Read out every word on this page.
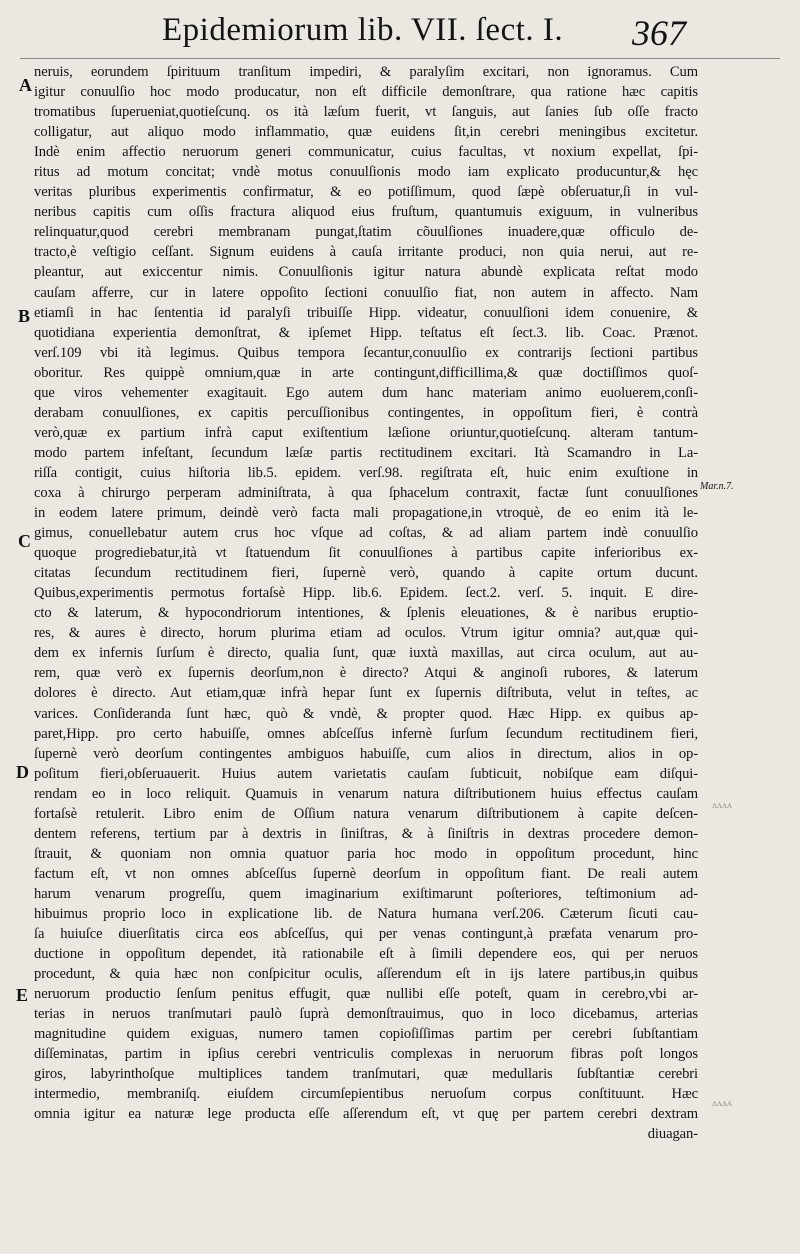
Epidemiorum lib. VII. ſect. I. 367
A
B
C
D
E
Mar.n.7.
ᴧᴧᴧᴧ
ᴧᴧᴧᴧ
neruis, eorundem ſpirituum tranſitum impediri, & paralyſim excitari, non ignoramus. Cum
igitur conuulſio hoc modo producatur, non eſt difficile demonſtrare, qua ratione hæc capitis
tromatibus ſuperueniat,quotieſcunq. os ità læſum fuerit, vt ſanguis, aut ſanies ſub oſſe fracto
colligatur, aut aliquo modo inflammatio, quæ euidens ſit,in cerebri meningibus excitetur.
Indè enim affectio neruorum generi communicatur, cuius facultas, vt noxium expellat, ſpi-
ritus ad motum concitat; vndè motus conuulſionis modo iam explicato producuntur,& hęc
veritas pluribus experimentis confirmatur, & eo potiſſimum, quod ſæpè obſeruatur,ſi in vul-
neribus capitis cum oſſis fractura aliquod eius fruſtum, quantumuis exiguum, in vulneribus
relinquatur,quod cerebri membranam pungat,ſtatim cõuulſiones inuadere,quæ officulo de-
tracto,è veſtigio ceſſant. Signum euidens à cauſa irritante produci, non quia nerui, aut re-
pleantur, aut exiccentur nimis. Conuulſionis igitur natura abundè explicata reſtat modo
cauſam afferre, cur in latere oppoſito ſectioni conuulſio fiat, non autem in affecto. Nam
etiamſi in hac ſententia id paralyſi tribuiſſe Hipp. videatur, conuulſioni idem conuenire, &
quotidiana experientia demonſtrat, & ipſemet Hipp. teſtatus eſt ſect.3. lib. Coac. Prænot.
verſ.109 vbi ità legimus. Quibus tempora ſecantur,conuulſio ex contrarijs ſectioni partibus
oboritur. Res quippè omnium,quæ in arte contingunt,difficillima,& quæ doctiſſimos quoſ-
que viros vehementer exagitauit. Ego autem dum hanc materiam animo euoluerem,conſi-
derabam conuulſiones, ex capitis percuſſionibus contingentes, in oppoſitum fieri, è contrà
verò,quæ ex partium infrà caput exiſtentium læſione oriuntur,quotieſcunq. alteram tantum-
modo partem infeſtant, ſecundum læſæ partis rectitudinem excitari. Ità Scamandro in La-
riſſa contigit, cuius hiſtoria lib.5. epidem. verſ.98. regiſtrata eſt, huic enim exuſtione in
coxa à chirurgo perperam adminiſtrata, à qua ſphacelum contraxit, factæ ſunt conuulſiones
in eodem latere primum, deindè verò facta mali propagatione,in vtroquè, de eo enim ità le-
gimus, conuellebatur autem crus hoc vſque ad coſtas, & ad aliam partem indè conuulſio
quoque progrediebatur,ità vt ſtatuendum ſit conuulſiones à partibus capite inferioribus ex-
citatas ſecundum rectitudinem fieri, ſupernè verò, quando à capite ortum ducunt.
Quibus,experimentis permotus fortaſsè Hipp. lib.6. Epidem. ſect.2. verſ. 5. inquit. E dire-
cto & laterum, & hypocondriorum intentiones, & ſplenis eleuationes, & è naribus eruptio-
res, & aures è directo, horum plurima etiam ad oculos. Vtrum igitur omnia? aut,quæ qui-
dem ex infernis ſurſum è directo, qualia ſunt, quæ iuxtà maxillas, aut circa oculum, aut au-
rem, quæ verò ex ſupernis deorſum,non è directo? Atqui & anginoſi rubores, & laterum
dolores è directo. Aut etiam,quæ infrà hepar ſunt ex ſupernis diſtributa, velut in teſtes, ac
varices. Conſideranda ſunt hæc, quò & vndè, & propter quod. Hæc Hipp. ex quibus ap-
paret,Hipp. pro certo habuiſſe, omnes abſceſſus infernè ſurſum ſecundum rectitudinem fieri,
ſupernè verò deorſum contingentes ambiguos habuiſſe, cum alios in directum, alios in op-
poſitum fieri,obſeruauerit. Huius autem varietatis cauſam ſubticuit, nobiſque eam diſqui-
rendam eo in loco reliquit. Quamuis in venarum natura diſtributionem huius effectus cauſam
fortaſsè retulerit. Libro enim de Oſſium natura venarum diſtributionem à capite deſcen-
dentem referens, tertium par à dextris in ſiniſtras, & à ſiniſtris in dextras procedere demon-
ſtrauit, & quoniam non omnia quatuor paria hoc modo in oppoſitum procedunt, hinc
factum eſt, vt non omnes abſceſſus ſupernè deorſum in oppoſitum fiant. De reali autem
harum venarum progreſſu, quem imaginarium exiſtimarunt poſteriores, teſtimonium ad-
hibuimus proprio loco in explicatione lib. de Natura humana verſ.206. Cæterum ſicuti cau-
ſa huiuſce diuerſitatis circa eos abſceſſus, qui per venas contingunt,à præfata venarum pro-
ductione in oppoſitum dependet, ità rationabile eſt à ſimili dependere eos, qui per neruos
procedunt, & quia hæc non conſpicitur oculis, aſſerendum eſt in ijs latere partibus,in quibus
neruorum productio ſenſum penitus effugit, quæ nullibi eſſe poteſt, quam in cerebro,vbi ar-
terias in neruos tranſmutari paulò ſuprà demonſtrauimus, quo in loco dicebamus, arterias
magnitudine quidem exiguas, numero tamen copioſiſſimas partim per cerebri ſubſtantiam
diſſeminatas, partim in ipſius cerebri ventriculis complexas in neruorum fibras poſt longos
giros, labyrinthoſque multiplices tandem tranſmutari, quæ medullaris ſubſtantiæ cerebri
intermedio, membraniſq. eiuſdem circumſepientibus neruoſum corpus conſtituunt. Hæc
omnia igitur ea naturæ lege producta eſſe aſſerendum eſt, vt quę per partem cerebri dextram
diuagan-
